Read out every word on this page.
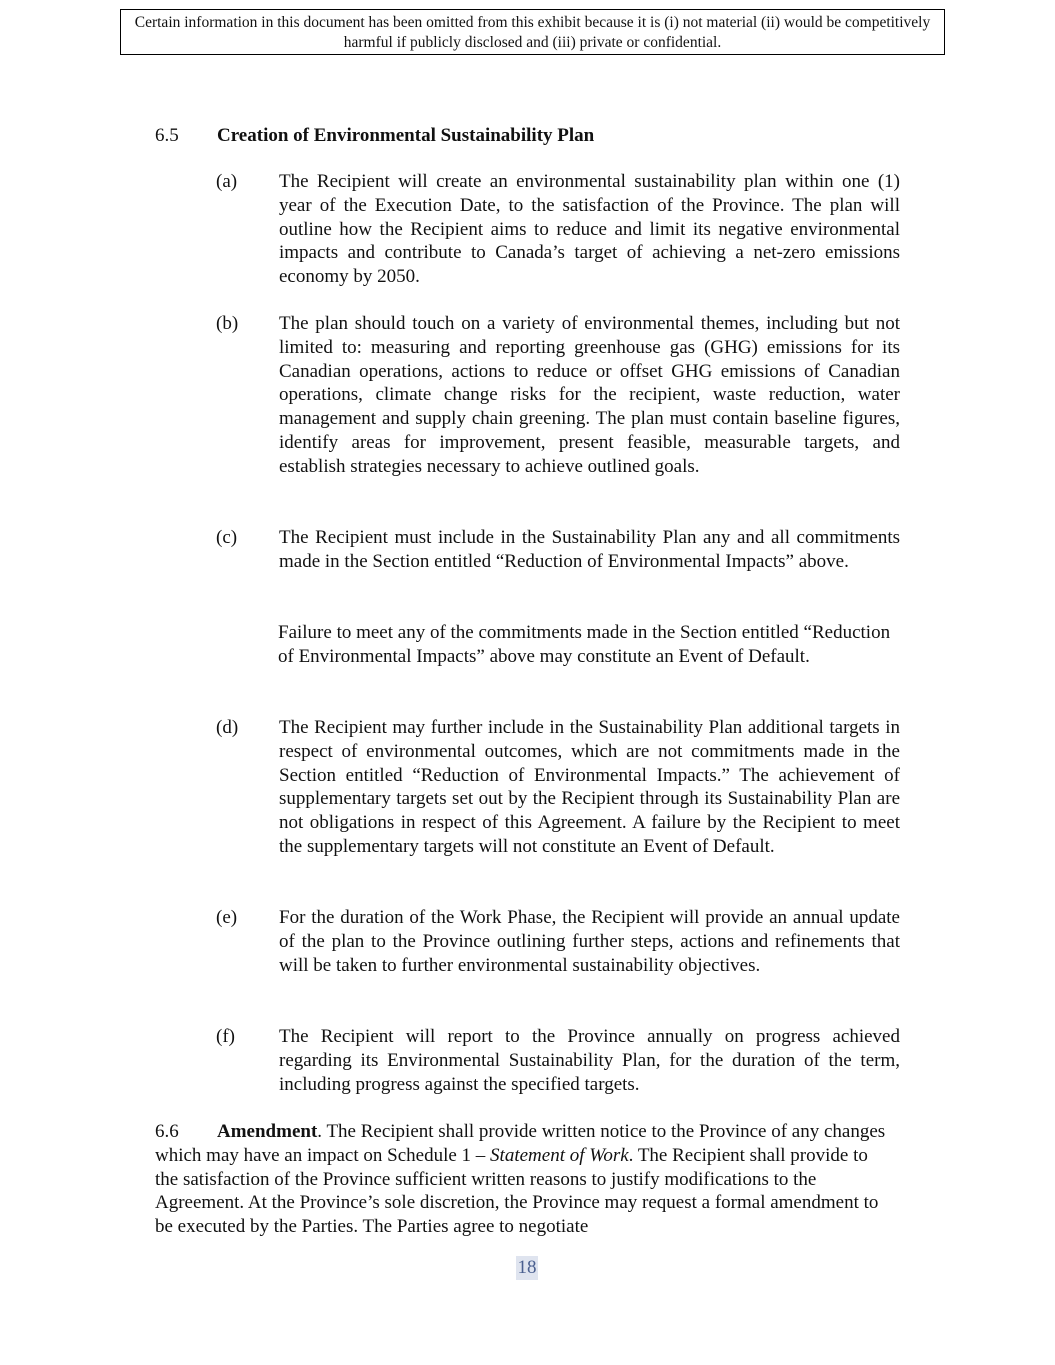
Certain information in this document has been omitted from this exhibit because it is (i) not material (ii) would be competitively harmful if publicly disclosed and (iii) private or confidential.
6.5 Creation of Environmental Sustainability Plan
(a) The Recipient will create an environmental sustainability plan within one (1) year of the Execution Date, to the satisfaction of the Province. The plan will outline how the Recipient aims to reduce and limit its negative environmental impacts and contribute to Canada’s target of achieving a net-zero emissions economy by 2050.
(b) The plan should touch on a variety of environmental themes, including but not limited to: measuring and reporting greenhouse gas (GHG) emissions for its Canadian operations, actions to reduce or offset GHG emissions of Canadian operations, climate change risks for the recipient, waste reduction, water management and supply chain greening. The plan must contain baseline figures, identify areas for improvement, present feasible, measurable targets, and establish strategies necessary to achieve outlined goals.
(c) The Recipient must include in the Sustainability Plan any and all commitments made in the Section entitled “Reduction of Environmental Impacts” above.
Failure to meet any of the commitments made in the Section entitled “Reduction of Environmental Impacts” above may constitute an Event of Default.
(d) The Recipient may further include in the Sustainability Plan additional targets in respect of environmental outcomes, which are not commitments made in the Section entitled “Reduction of Environmental Impacts.” The achievement of supplementary targets set out by the Recipient through its Sustainability Plan are not obligations in respect of this Agreement. A failure by the Recipient to meet the supplementary targets will not constitute an Event of Default.
(e) For the duration of the Work Phase, the Recipient will provide an annual update of the plan to the Province outlining further steps, actions and refinements that will be taken to further environmental sustainability objectives.
(f) The Recipient will report to the Province annually on progress achieved regarding its Environmental Sustainability Plan, for the duration of the term, including progress against the specified targets.
6.6 Amendment. The Recipient shall provide written notice to the Province of any changes which may have an impact on Schedule 1 – Statement of Work. The Recipient shall provide to the satisfaction of the Province sufficient written reasons to justify modifications to the Agreement. At the Province’s sole discretion, the Province may request a formal amendment to be executed by the Parties. The Parties agree to negotiate
18
